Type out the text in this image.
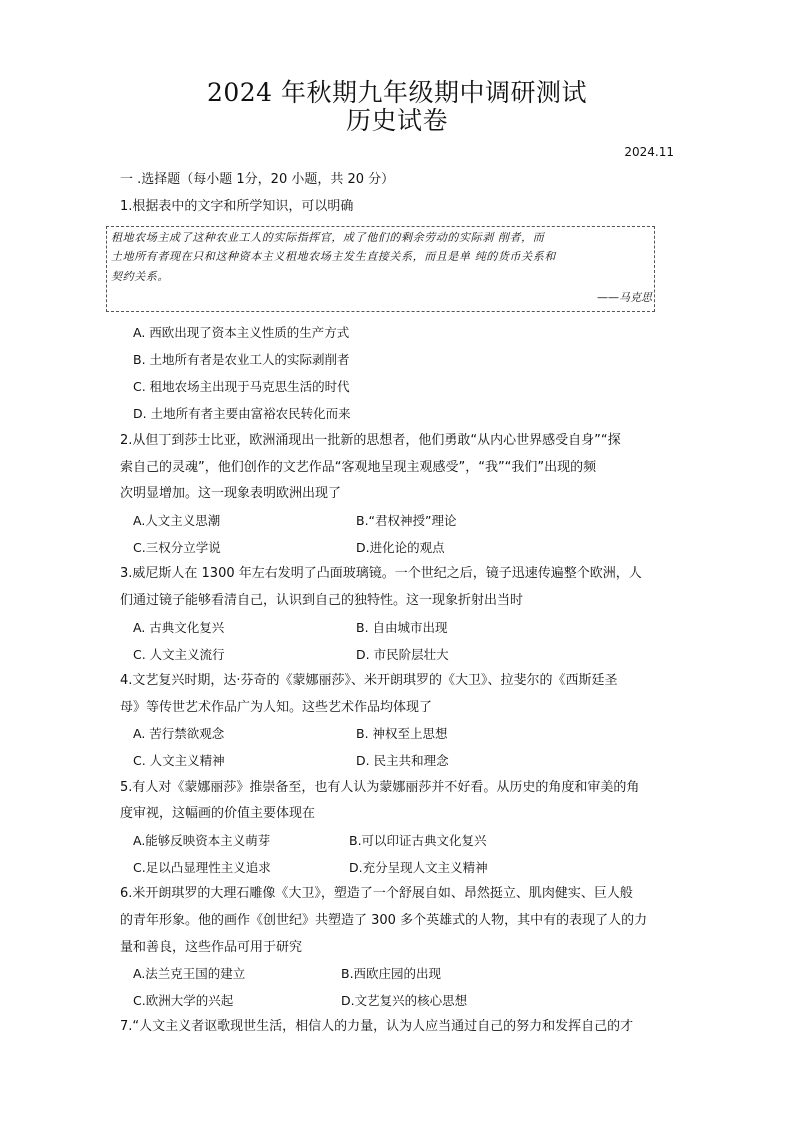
2024 年秋期九年级期中调研测试
历史试卷
2024.11
一 .选择题（每小题 1分，20 小题，共 20 分）
1.根据表中的文字和所学知识，可以明确
租地农场主成了这种农业工人的实际指挥官，成了他们的剩余劳动的实际剥 削者，而
土地所有者现在只和这种资本主义租地农场主发生直接关系，而且是单 纯的货币关系和
契约关系。
——马克思
A. 西欧出现了资本主义性质的生产方式
B. 土地所有者是农业工人的实际剥削者
C. 租地农场主出现于马克思生活的时代
D. 土地所有者主要由富裕农民转化而来
2.从但丁到莎士比亚，欧洲涌现出一批新的思想者，他们勇敢“从内心世界感受自身”“探
索自己的灵魂”，他们创作的文艺作品“客观地呈现主观感受”，“我”“我们”出现的频
次明显增加。这一现象表明欧洲出现了
A.人文主义思潮	B.“君权神授”理论
C.三权分立学说	D.进化论的观点
3.威尼斯人在 1300 年左右发明了凸面玻璃镜。一个世纪之后，镜子迅速传遍整个欧洲，人
们通过镜子能够看清自己，认识到自己的独特性。这一现象折射出当时
A. 古典文化复兴	B. 自由城市出现
C. 人文主义流行	D. 市民阶层壮大
4.文艺复兴时期，达·芬奇的《蒙娜丽莎》、米开朗琪罗的《大卫》、拉斐尔的《西斯廷圣
母》等传世艺术作品广为人知。这些艺术作品均体现了
A. 苦行禁欲观念	B. 神权至上思想
C. 人文主义精神	D. 民主共和理念
5.有人对《蒙娜丽莎》推崇备至，也有人认为蒙娜丽莎并不好看。从历史的角度和审美的角
度审视，这幅画的价值主要体现在
A.能够反映资本主义萌芽	B.可以印证古典文化复兴
C.足以凸显理性主义追求	D.充分呈现人文主义精神
6.米开朗琪罗的大理石雕像《大卫》，塑造了一个舒展自如、昂然挺立、肌肉健实、巨人般
的青年形象。他的画作《创世纪》共塑造了 300 多个英雄式的人物，其中有的表现了人的力
量和善良，这些作品可用于研究
A.法兰克王国的建立	B.西欧庄园的出现
C.欧洲大学的兴起	D.文艺复兴的核心思想
7.“人文主义者讴歌现世生活，相信人的力量，认为人应当通过自己的努力和发挥自己的才
